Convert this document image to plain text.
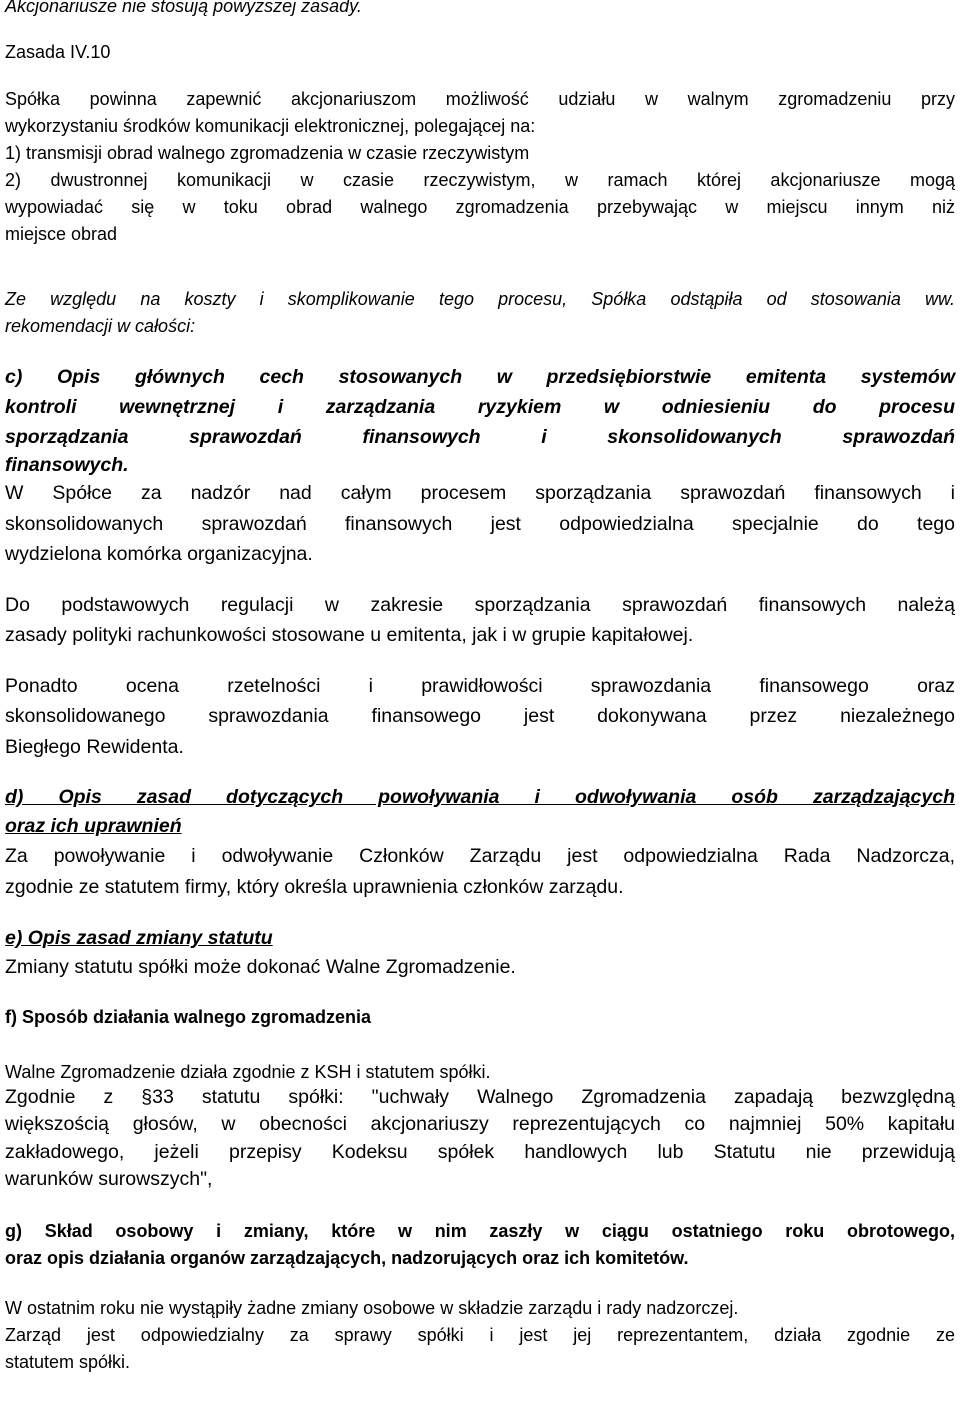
Akcjonariusze nie stosują powyższej zasady.

Zasada IV.10

Spółka powinna zapewnić akcjonariuszom możliwość udziału w walnym zgromadzeniu przy
wykorzystaniu środków komunikacji elektronicznej, polegającej na:
1) transmisji obrad walnego zgromadzenia w czasie rzeczywistym
2) dwustronnej komunikacji w czasie rzeczywistym, w ramach której akcjonariusze mogą
wypowiadać się w toku obrad walnego zgromadzenia przebywając w miejscu innym niż
miejsce obrad
Ze względu na koszty i skomplikowanie tego procesu, Spółka odstąpiła od stosowania ww.
rekomendacji w całości:
c) Opis głównych cech stosowanych w przedsiębiorstwie emitenta systemów
kontroli wewnętrznej i zarządzania ryzykiem w odniesieniu do procesu
sporządzania sprawozdań finansowych i skonsolidowanych sprawozdań
finansowych.
W Spółce za nadzór nad całym procesem sporządzania sprawozdań finansowych i
skonsolidowanych sprawozdań finansowych jest odpowiedzialna specjalnie do tego
wydzielona komórka organizacyjna.
Do podstawowych regulacji w zakresie sporządzania sprawozdań finansowych należą
zasady polityki rachunkowości stosowane u emitenta, jak i w grupie kapitałowej.
Ponadto ocena rzetelności i prawidłowości sprawozdania finansowego oraz
skonsolidowanego sprawozdania finansowego jest dokonywana przez niezależnego
Biegłego Rewidenta.
d) Opis zasad dotyczących powoływania i odwoływania osób zarządzających
oraz ich uprawnień
Za powoływanie i odwoływanie Członków Zarządu jest odpowiedzialna Rada Nadzorcza,
zgodnie ze statutem firmy, który określa uprawnienia członków zarządu.

e) Opis zasad zmiany statutu

Zmiany statutu spółki może dokonać Walne Zgromadzenie.

f) Sposób działania walnego zgromadzenia

Walne Zgromadzenie działa zgodnie z KSH i statutem spółki.

Zgodnie z §33 statutu spółki: "uchwały Walnego Zgromadzenia zapadają bezwzględną
większością głosów, w obecności akcjonariuszy reprezentujących co najmniej 50% kapitału
zakładowego, jeżeli przepisy Kodeksu spółek handlowych lub Statutu nie przewidują
warunków surowszych",
g) Skład osobowy i zmiany, które w nim zaszły w ciągu ostatniego roku obrotowego,
oraz opis działania organów zarządzających, nadzorujących oraz ich komitetów.

W ostatnim roku nie wystąpiły żadne zmiany osobowe w składzie zarządu i rady nadzorczej.

Zarząd jest odpowiedzialny za sprawy spółki i jest jej reprezentantem, działa zgodnie ze
statutem spółki.
